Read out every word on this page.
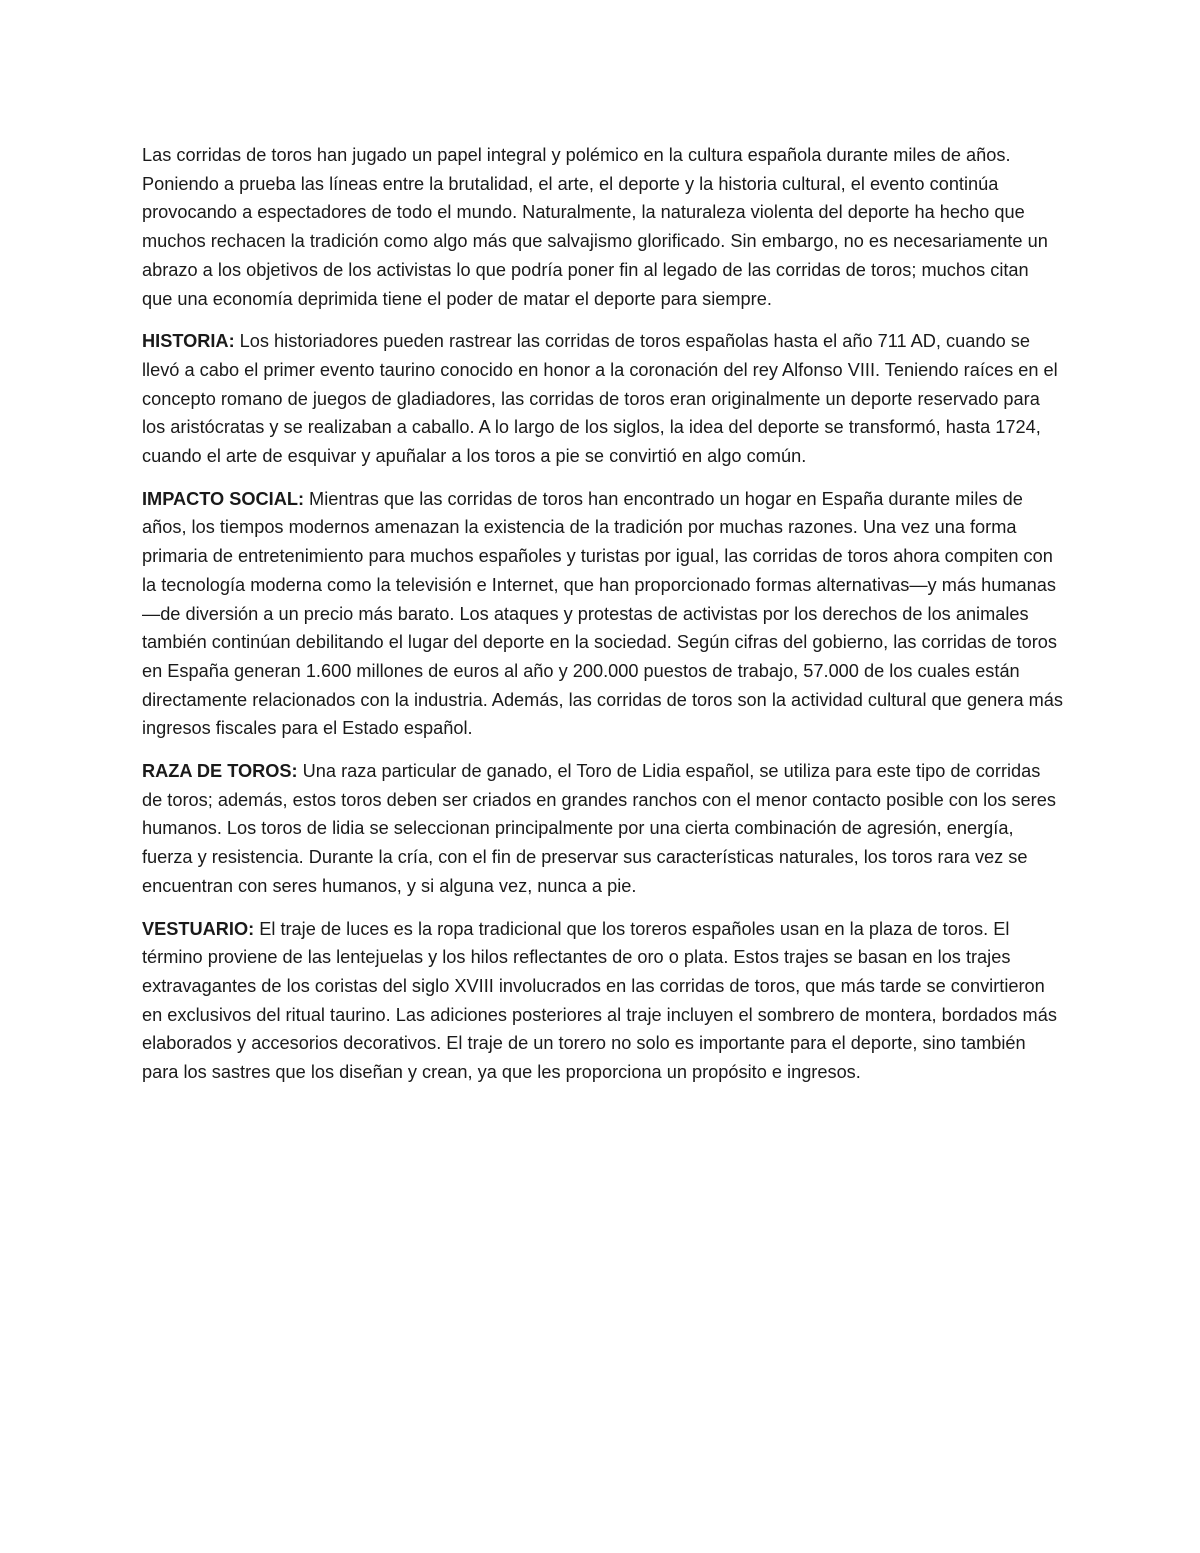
Las corridas de toros han jugado un papel integral y polémico en la cultura española durante miles de años. Poniendo a prueba las líneas entre la brutalidad, el arte, el deporte y la historia cultural, el evento continúa provocando a espectadores de todo el mundo. Naturalmente, la naturaleza violenta del deporte ha hecho que muchos rechacen la tradición como algo más que salvajismo glorificado. Sin embargo, no es necesariamente un abrazo a los objetivos de los activistas lo que podría poner fin al legado de las corridas de toros; muchos citan que una economía deprimida tiene el poder de matar el deporte para siempre.

HISTORIA: Los historiadores pueden rastrear las corridas de toros españolas hasta el año 711 AD, cuando se llevó a cabo el primer evento taurino conocido en honor a la coronación del rey Alfonso VIII. Teniendo raíces en el concepto romano de juegos de gladiadores, las corridas de toros eran originalmente un deporte reservado para los aristócratas y se realizaban a caballo. A lo largo de los siglos, la idea del deporte se transformó, hasta 1724, cuando el arte de esquivar y apuñalar a los toros a pie se convirtió en algo común.

IMPACTO SOCIAL: Mientras que las corridas de toros han encontrado un hogar en España durante miles de años, los tiempos modernos amenazan la existencia de la tradición por muchas razones. Una vez una forma primaria de entretenimiento para muchos españoles y turistas por igual, las corridas de toros ahora compiten con la tecnología moderna como la televisión e Internet, que han proporcionado formas alternativas—y más humanas—de diversión a un precio más barato. Los ataques y protestas de activistas por los derechos de los animales también continúan debilitando el lugar del deporte en la sociedad. Según cifras del gobierno, las corridas de toros en España generan 1.600 millones de euros al año y 200.000 puestos de trabajo, 57.000 de los cuales están directamente relacionados con la industria. Además, las corridas de toros son la actividad cultural que genera más ingresos fiscales para el Estado español.

RAZA DE TOROS: Una raza particular de ganado, el Toro de Lidia español, se utiliza para este tipo de corridas de toros; además, estos toros deben ser criados en grandes ranchos con el menor contacto posible con los seres humanos. Los toros de lidia se seleccionan principalmente por una cierta combinación de agresión, energía, fuerza y resistencia. Durante la cría, con el fin de preservar sus características naturales, los toros rara vez se encuentran con seres humanos, y si alguna vez, nunca a pie.

VESTUARIO: El traje de luces es la ropa tradicional que los toreros españoles usan en la plaza de toros. El término proviene de las lentejuelas y los hilos reflectantes de oro o plata. Estos trajes se basan en los trajes extravagantes de los coristas del siglo XVIII involucrados en las corridas de toros, que más tarde se convirtieron en exclusivos del ritual taurino. Las adiciones posteriores al traje incluyen el sombrero de montera, bordados más elaborados y accesorios decorativos. El traje de un torero no solo es importante para el deporte, sino también para los sastres que los diseñan y crean, ya que les proporciona un propósito e ingresos.
